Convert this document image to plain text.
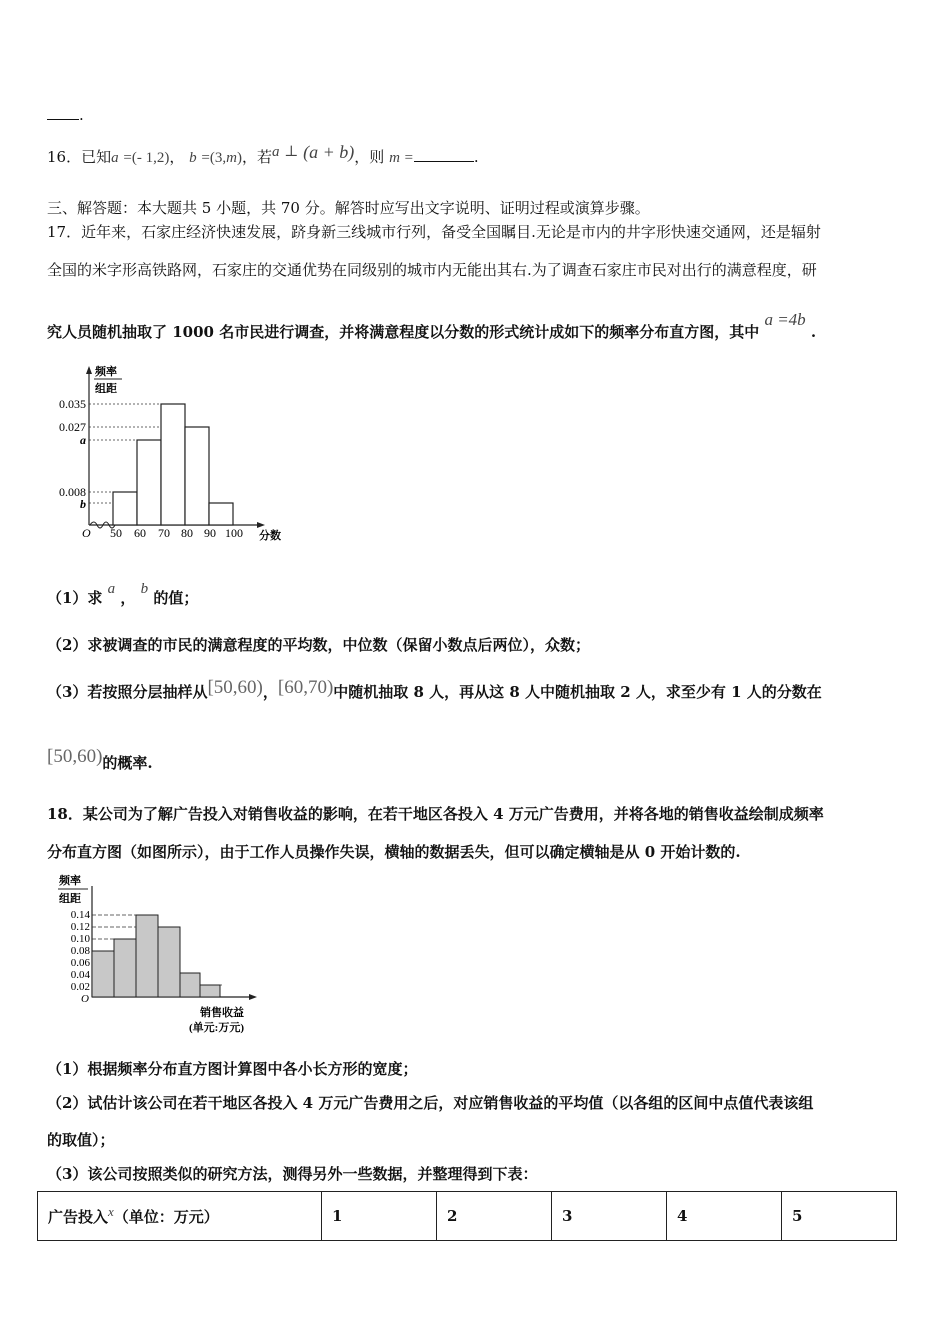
.
16．已知a =(- 1,2)， b =(3,m)，若a ⊥ (a + b)，则 m =	.
三、解答题：本大题共 5 小题，共 70 分。解答时应写出文字说明、证明过程或演算步骤。
17．近年来，石家庄经济快速发展，跻身新三线城市行列，备受全国瞩目.无论是市内的井字形快速交通网，还是辐射
全国的米字形高铁路网，石家庄的交通优势在同级别的城市内无能出其右.为了调查石家庄市民对出行的满意程度，研
究人员随机抽取了 1000 名市民进行调查，并将满意程度以分数的形式统计成如下的频率分布直方图，其中 a =4b .
频率
组距
O
0.035
0.027
a
0.008
b
50 60 70 80 90 100 分数
（1）求 a ， b 的值；
（2）求被调查的市民的满意程度的平均数，中位数（保留小数点后两位），众数；
（3）若按照分层抽样从[50,60)，[60,70)中随机抽取 8 人，再从这 8 人中随机抽取 2 人，求至少有 1 人的分数在
[50,60)的概率.
18．某公司为了解广告投入对销售收益的影响，在若干地区各投入 4 万元广告费用，并将各地的销售收益绘制成频率
分布直方图（如图所示），由于工作人员操作失误，横轴的数据丢失，但可以确定横轴是从 0 开始计数的.
频率
组距
0.14
0.12
0.10
0.08
0.06
0.04
0.02
O
销售收益
(单元:万元)
（1）根据频率分布直方图计算图中各小长方形的宽度；
（2）试估计该公司在若干地区各投入 4 万元广告费用之后，对应销售收益的平均值（以各组的区间中点值代表该组
的取值）；
（3）该公司按照类似的研究方法，测得另外一些数据，并整理得到下表：
广告投入x（单位：万元）	1	2	3	4	5
